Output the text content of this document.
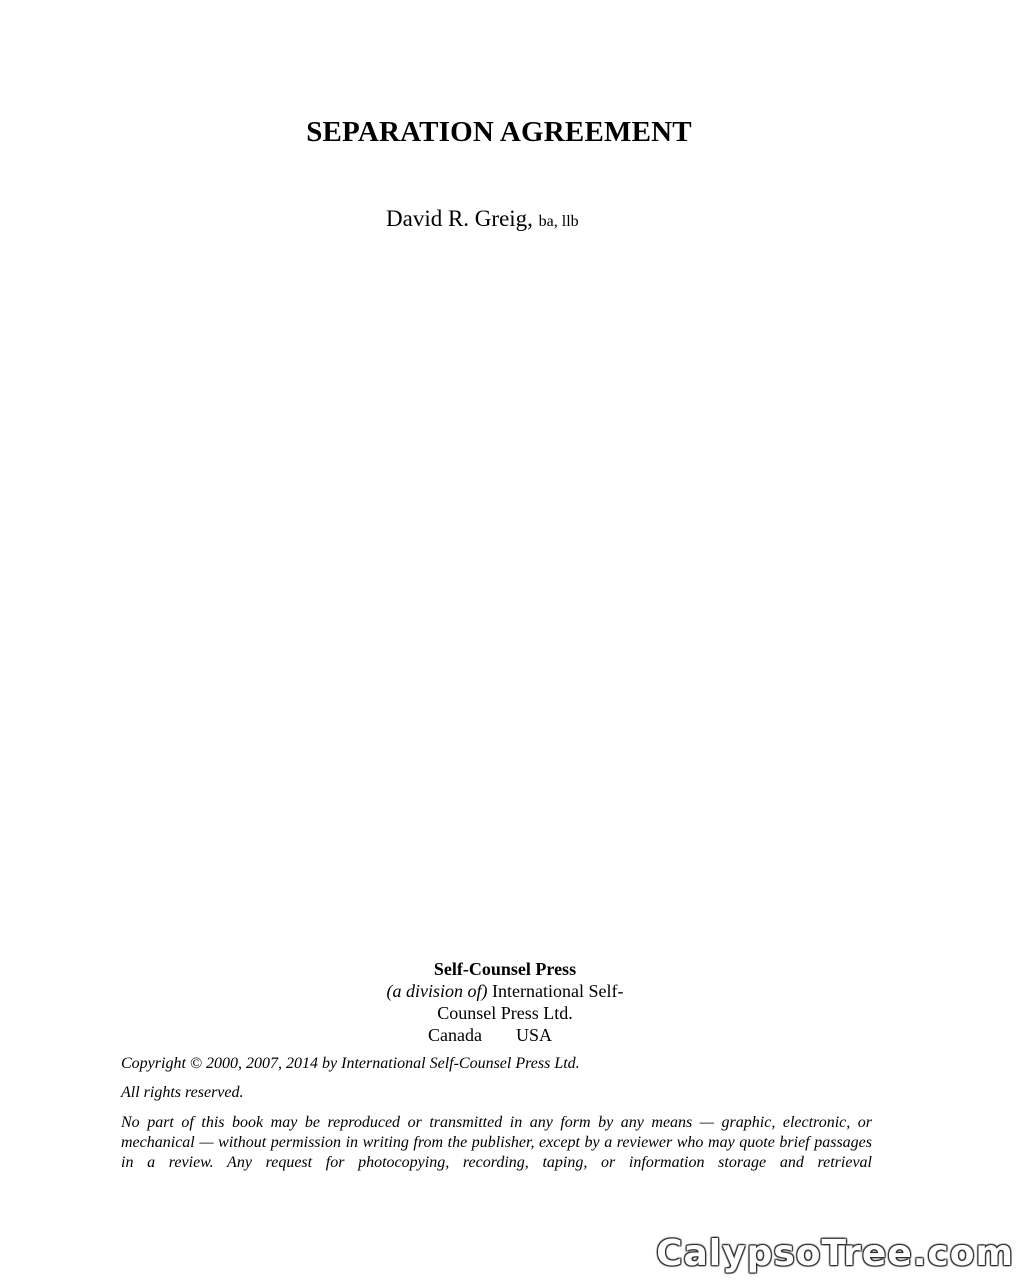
SEPARATION AGREEMENT
David R. Greig, ba, llb
Self-Counsel Press
(a division of) International Self-
Counsel Press Ltd.
Canada USA

Copyright © 2000, 2007, 2014 by International Self-Counsel Press Ltd.

All rights reserved.

No part of this book may be reproduced or transmitted in any form by any means — graphic, electronic, or mechanical — without permission in writing from the publisher, except by a reviewer who may quote brief passages in a review. Any request for photocopying, recording, taping, or information storage and retrieval

CalypsoTree.com
